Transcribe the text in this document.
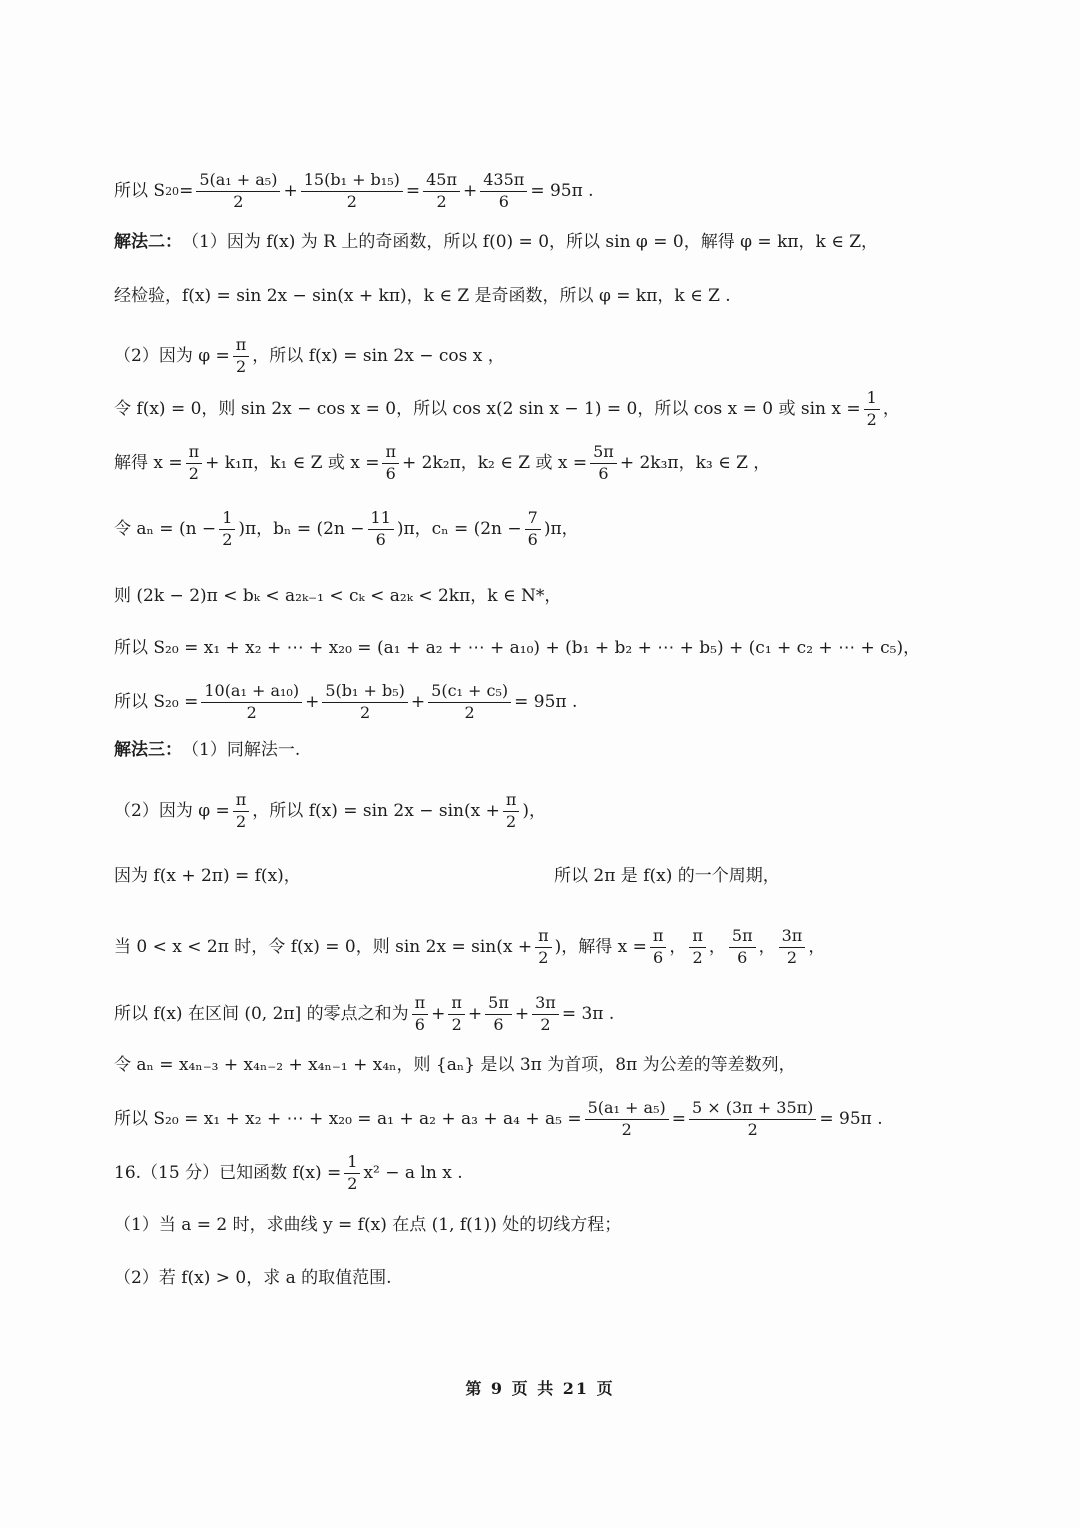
所以 S $20 = \frac{\text{5(a₁ + a₅)}}{2} + \frac{\text{15(b₁ + b₁₅)}}{2} = \frac{45\pi}{2} + \frac{435\pi}{6} = 95\pi$ .
解法二： （1）因为 f(x) 为 R 上的奇函数，所以 f(0) = 0，所以 sin φ = 0，解得 φ = kπ，k ∈ Z，
经检验，f(x) = sin 2x − sin(x + kπ)，k ∈ Z 是奇函数，所以 φ = kπ，k ∈ Z .
（2）因为 $\varphi = \frac{\pi}{2}$ ，所以 f(x) = sin 2x − cos x ，
令 f(x) = 0，则 sin 2x − cos x = 0，所以 cos x(2 sin x − 1) = 0，所以 cos x = 0 或 $\sin x = \frac{1}{2}$ ，
解得 $x = \frac{\pi}{2} + k_1\pi$，k₁ ∈ Z 或 $x = \frac{\pi}{6} + 2k_2\pi$，k₂ ∈ Z 或 $x = \frac{5\pi}{6} + 2k_3\pi$，k₃ ∈ Z ，
令 $a_n = (n - \frac{1}{2} )\pi$，$b_n = (2n - \frac{11}{6} )\pi$，$c_n = (2n - \frac{7}{6} )\pi$，
则 (2k − 2)π < bₖ < a₂ₖ₋₁ < cₖ < a₂ₖ < 2kπ，k ∈ N*，
所以 S₂₀ = x₁ + x₂ + ⋯ + x₂₀ = (a₁ + a₂ + ⋯ + a₁₀) + (b₁ + b₂ + ⋯ + b₅) + (c₁ + c₂ + ⋯ + c₅)，
所以 $S_{20} = \frac{\text{10(a₁ + a₁₀)}}{2} + \frac{\text{5(b₁ + b₅)}}{2} + \frac{\text{5(c₁ + c₅)}}{2} = 95\pi$ .
解法三： （1）同解法一.
（2）因为 $\varphi = \frac{\pi}{2}$ ，所以 $f(x) = \sin 2x - \sin(x + \frac{\pi}{2}$ )，
因为 f(x + 2π) = f(x)，	所以 2π 是 f(x) 的一个周期，
当 0 < x < 2π 时，令 f(x) = 0，则 $\sin 2x = \sin(x + \frac{\pi}{2}$ )，解得 $x = \frac{\pi}{6}$ ， $\frac{\pi}{2}$ ， $\frac{5\pi}{6}$ ， $\frac{3\pi}{2}$ ，
所以 f(x) 在区间 (0, 2π] 的零点之和为 $\frac{\pi}{6} + \frac{\pi}{2} + \frac{5\pi}{6} + \frac{3\pi}{2} = 3\pi$ .
令 aₙ = x₄ₙ₋₃ + x₄ₙ₋₂ + x₄ₙ₋₁ + x₄ₙ，则 {aₙ} 是以 3π 为首项，8π 为公差的等差数列，
所以 S₂₀ = x₁ + x₂ + ⋯ + $x_{20} = a_1 + a_2 + a_3 + a_4 + a_5 = \frac{\text{5(a₁ + a₅)}}{2} = \frac{5 \times (3\pi + 35\pi)}{2} = 95\pi$ .
16.（15 分）已知函数 $f(x) = \frac{1}{2} x^2 - a$ ln x .
（1）当 a = 2 时，求曲线 y = f(x) 在点 (1, f(1)) 处的切线方程；
（2）若 f(x) > 0，求 a 的取值范围.
第 9 页 共 21 页
